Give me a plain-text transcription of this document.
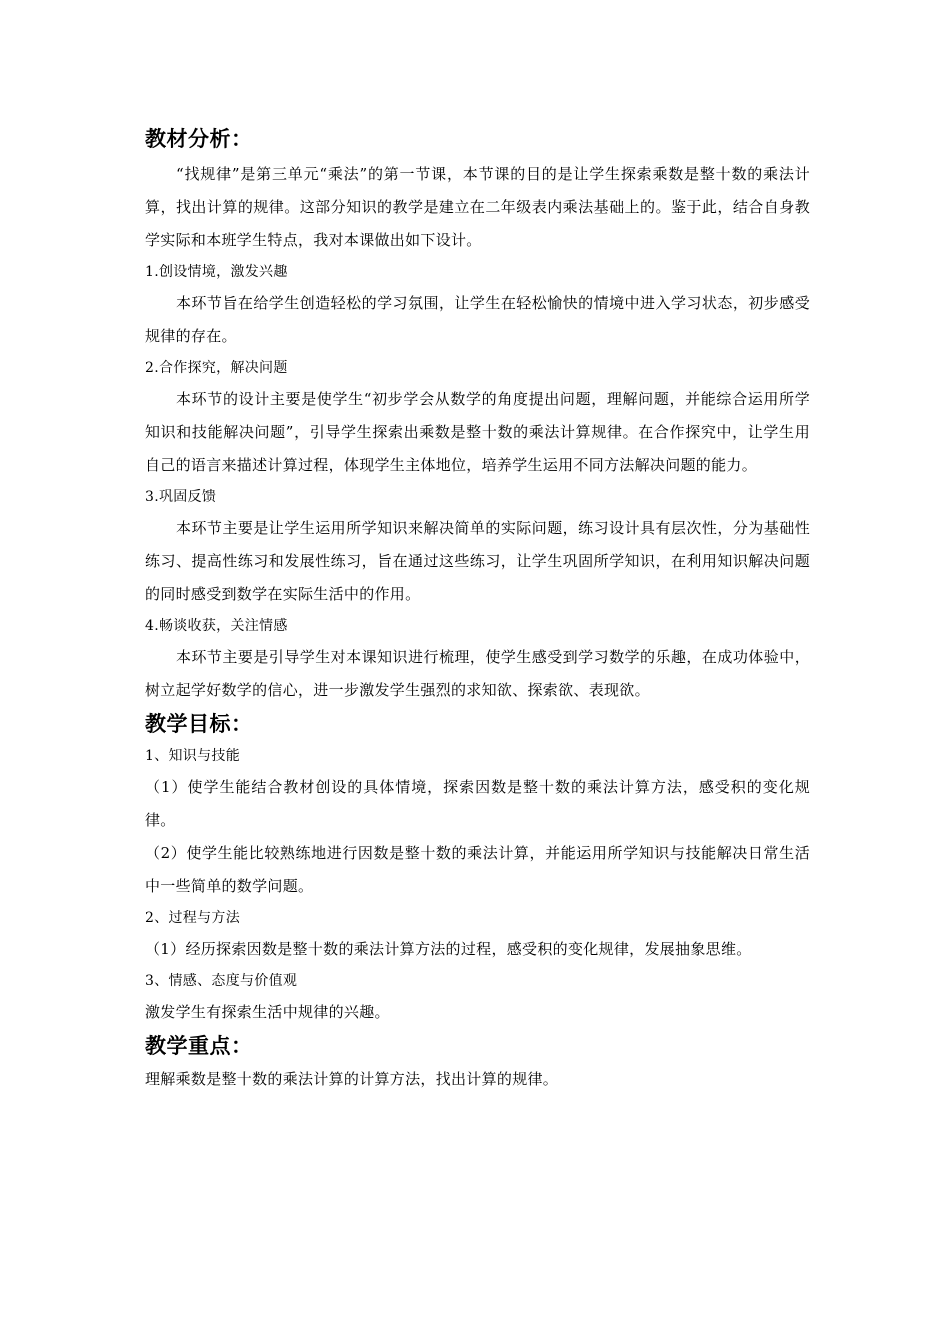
教材分析：

“找规律”是第三单元“乘法”的第一节课，本节课的目的是让学生探索乘数是整十数的乘法计算，找出计算的规律。这部分知识的教学是建立在二年级表内乘法基础上的。鉴于此，结合自身教学实际和本班学生特点，我对本课做出如下设计。

1.创设情境，激发兴趣

本环节旨在给学生创造轻松的学习氛围，让学生在轻松愉快的情境中进入学习状态，初步感受规律的存在。

2.合作探究，解决问题

本环节的设计主要是使学生“初步学会从数学的角度提出问题，理解问题，并能综合运用所学知识和技能解决问题”，引导学生探索出乘数是整十数的乘法计算规律。在合作探究中，让学生用自己的语言来描述计算过程，体现学生主体地位，培养学生运用不同方法解决问题的能力。

3.巩固反馈

本环节主要是让学生运用所学知识来解决简单的实际问题，练习设计具有层次性，分为基础性练习、提高性练习和发展性练习，旨在通过这些练习，让学生巩固所学知识，在利用知识解决问题的同时感受到数学在实际生活中的作用。

4.畅谈收获，关注情感

本环节主要是引导学生对本课知识进行梳理，使学生感受到学习数学的乐趣，在成功体验中，树立起学好数学的信心，进一步激发学生强烈的求知欲、探索欲、表现欲。

教学目标：

1、知识与技能

（1）使学生能结合教材创设的具体情境，探索因数是整十数的乘法计算方法，感受积的变化规律。

（2）使学生能比较熟练地进行因数是整十数的乘法计算，并能运用所学知识与技能解决日常生活中一些简单的数学问题。

2、过程与方法

（1）经历探索因数是整十数的乘法计算方法的过程，感受积的变化规律，发展抽象思维。

3、情感、态度与价值观

激发学生有探索生活中规律的兴趣。

教学重点：

理解乘数是整十数的乘法计算的计算方法，找出计算的规律。
